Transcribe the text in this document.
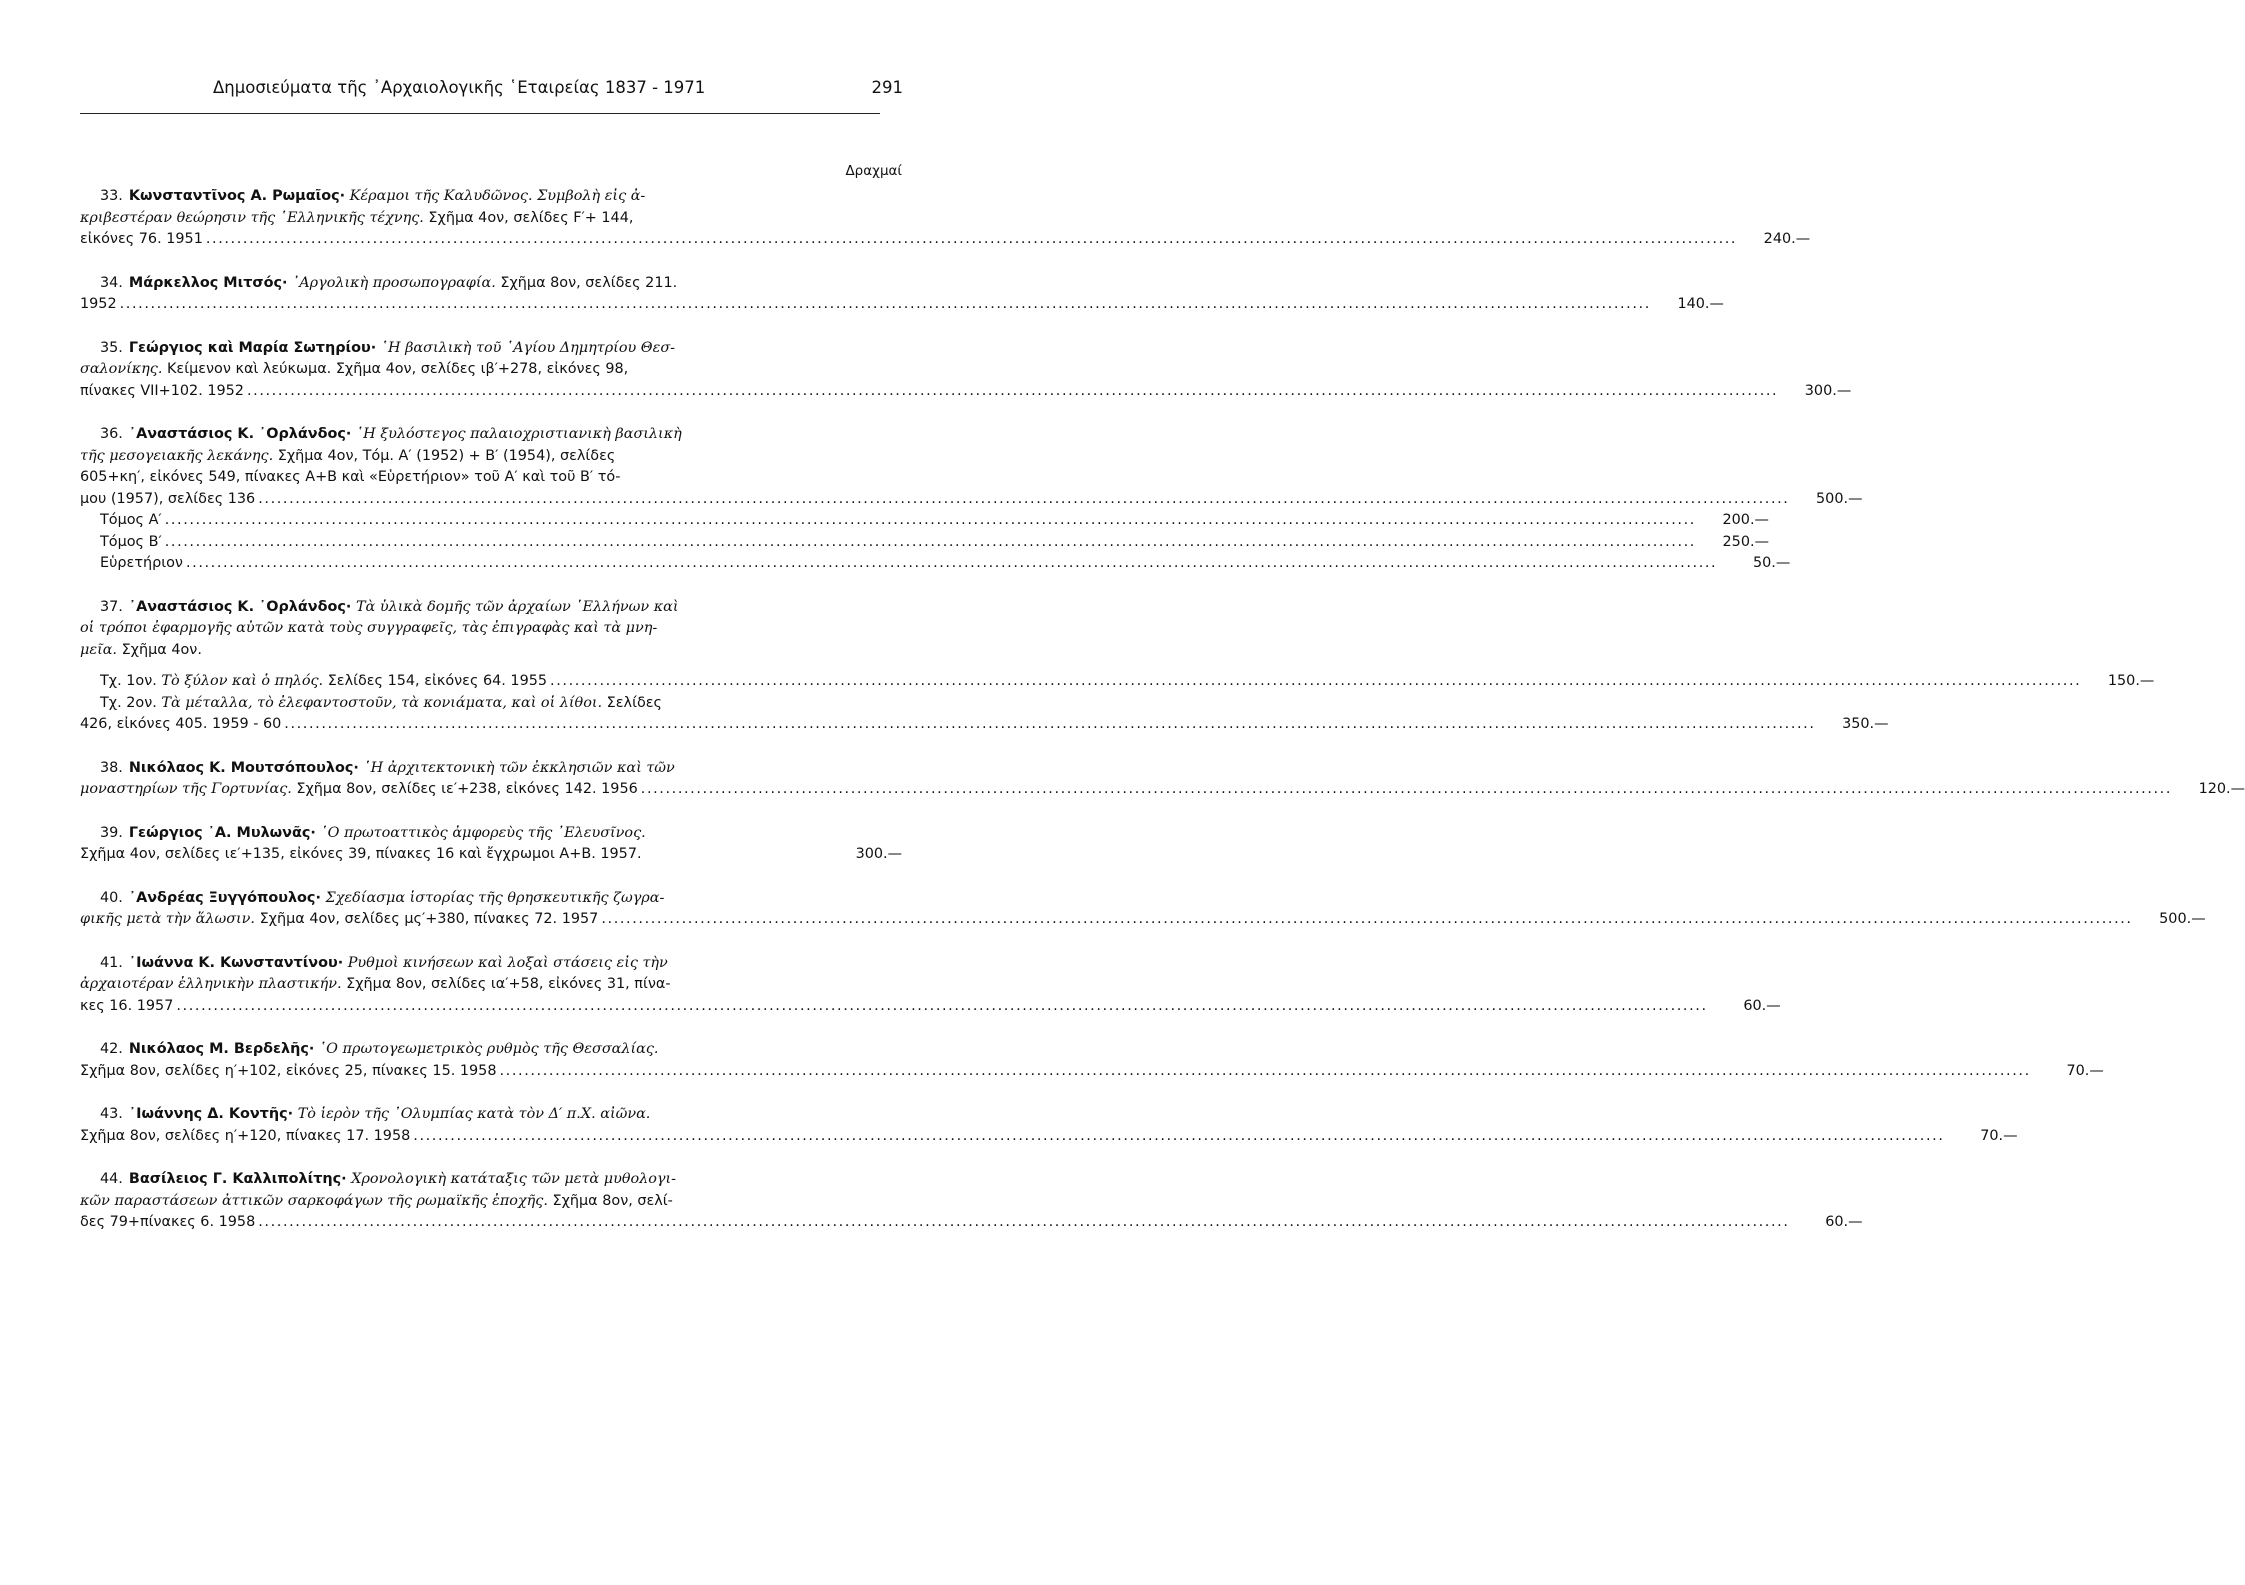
Δημοσιεύματα τῆς ᾿Αρχαιολογικῆς ῾Εταιρείας 1837 - 1971	291
Δραχμαί
33. Κωνσταντῖνος Α. Ρωμαῖος· Κέραμοι τῆς Καλυδῶνος. Συμβολὴ εἰς ἀ-
κριβεστέραν θεώρησιν τῆς ῾Ελληνικῆς τέχνης. Σχῆμα 4ον, σελίδες F′+ 144,
εἰκόνες 76. 1951 .....	240.—
34. Μάρκελλος Μιτσός· ᾿Αργολικὴ προσωπογραφία. Σχῆμα 8ον, σελίδες 211.
1952 .....	140.—
35. Γεώργιος καὶ Μαρία Σωτηρίου· ῾Η βασιλικὴ τοῦ ῾Αγίου Δημητρίου Θεσ-
σαλονίκης. Κείμενον καὶ λεύκωμα. Σχῆμα 4ον, σελίδες ιβ′+278, εἰκόνες 98,
πίνακες VII+102. 1952 .....	300.—
36. ᾿Αναστάσιος Κ. ᾿Ορλάνδος· ῾Η ξυλόστεγος παλαιοχριστιανικὴ βασιλικὴ
τῆς μεσογειακῆς λεκάνης. Σχῆμα 4ον, Τόμ. Α′ (1952) + Β′ (1954), σελίδες
605+κη′, εἰκόνες 549, πίνακες Α+Β καὶ «Εὑρετήριον» τοῦ Α′ καὶ τοῦ Β′ τό-
μου (1957), σελίδες 136 .....	500.—
Τόμος Α′ .....	200.—
Τόμος Β′ .....	250.—
Εὑρετήριον .....	50.—
37. ᾿Αναστάσιος Κ. ᾿Ορλάνδος· Τὰ ὑλικὰ δομῆς τῶν ἀρχαίων ῾Ελλήνων καὶ
οἱ τρόποι ἐφαρμογῆς αὐτῶν κατὰ τοὺς συγγραφεῖς, τὰς ἐπιγραφὰς καὶ τὰ μνη-
μεῖα. Σχῆμα 4ον.
Τχ. 1ον. Τὸ ξύλον καὶ ὁ πηλός. Σελίδες 154, εἰκόνες 64. 1955 .....	150.—
Τχ. 2ον. Τὰ μέταλλα, τὸ ἐλεφαντοστοῦν, τὰ κονιάματα, καὶ οἱ λίθοι. Σελίδες
426, εἰκόνες 405. 1959 - 60 .....	350.—
38. Νικόλαος Κ. Μουτσόπουλος· ῾Η ἀρχιτεκτονικὴ τῶν ἐκκλησιῶν καὶ τῶν
μοναστηρίων τῆς Γορτυνίας. Σχῆμα 8ον, σελίδες ιε′+238, εἰκόνες 142. 1956 .....	120.—
39. Γεώργιος ᾿Α. Μυλωνᾶς· ῾Ο πρωτοαττικὸς ἀμφορεὺς τῆς ᾿Ελευσῖνος.
Σχῆμα 4ον, σελίδες ιε′+135, εἰκόνες 39, πίνακες 16 καὶ ἔγχρωμοι Α+Β. 1957.	300.—
40. ᾿Ανδρέας Ξυγγόπουλος· Σχεδίασμα ἱστορίας τῆς θρησκευτικῆς ζωγρα-
φικῆς μετὰ τὴν ἅλωσιν. Σχῆμα 4ον, σελίδες μς′+380, πίνακες 72. 1957 .....	500.—
41. ᾿Ιωάννα Κ. Κωνσταντίνου· Ρυθμοὶ κινήσεων καὶ λοξαὶ στάσεις εἰς τὴν
ἀρχαιοτέραν ἑλληνικὴν πλαστικήν. Σχῆμα 8ον, σελίδες ια′+58, εἰκόνες 31, πίνα-
κες 16. 1957 .....	60.—
42. Νικόλαος Μ. Βερδελῆς· ῾Ο πρωτογεωμετρικὸς ρυθμὸς τῆς Θεσσαλίας.
Σχῆμα 8ον, σελίδες η′+102, εἰκόνες 25, πίνακες 15. 1958 .....	70.—
43. ᾿Ιωάννης Δ. Κοντῆς· Τὸ ἱερὸν τῆς ᾿Ολυμπίας κατὰ τὸν Δ′ π.Χ. αἰῶνα.
Σχῆμα 8ον, σελίδες η′+120, πίνακες 17. 1958 .....	70.—
44. Βασίλειος Γ. Καλλιπολίτης· Χρονολογικὴ κατάταξις τῶν μετὰ μυθολογι-
κῶν παραστάσεων ἀττικῶν σαρκοφάγων τῆς ρωμαϊκῆς ἐποχῆς. Σχῆμα 8ον, σελί-
δες 79+πίνακες 6. 1958 .....	60.—
